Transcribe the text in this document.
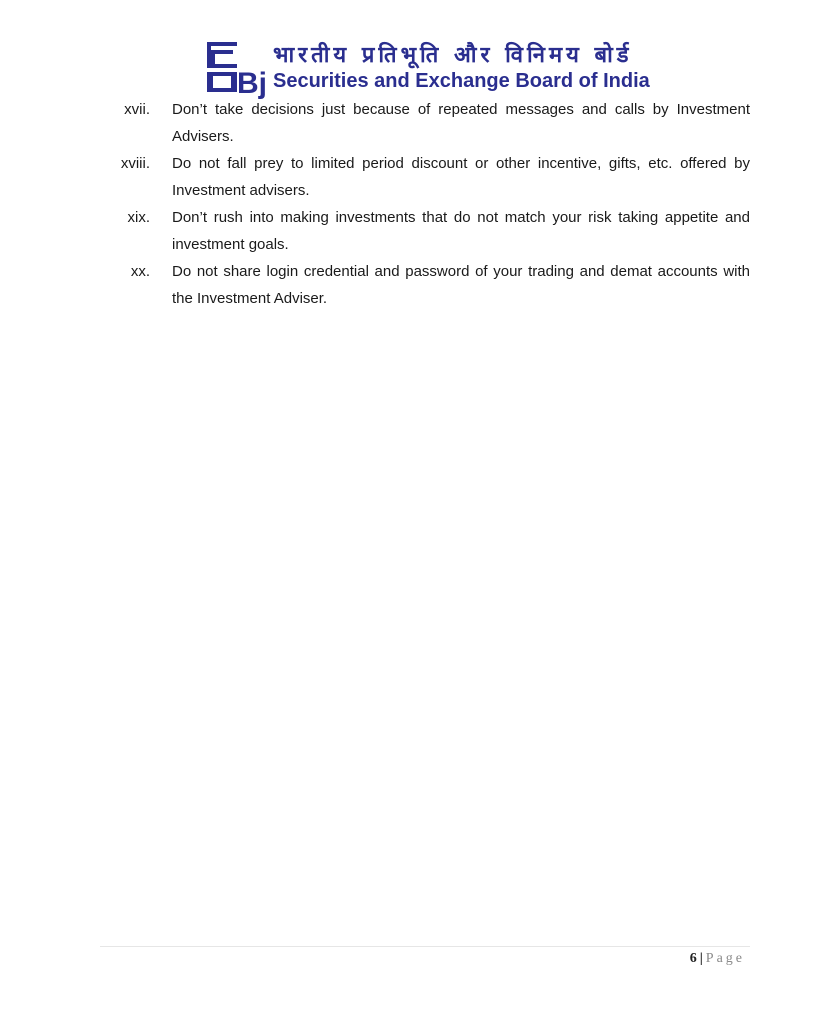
Bj
भारतीय प्रतिभूति और विनिमय बोर्ड
Securities and Exchange Board of India
xvii. Don’t take decisions just because of repeated messages and calls by Investment Advisers.
xviii. Do not fall prey to limited period discount or other incentive, gifts, etc. offered by Investment advisers.
xix. Don’t rush into making investments that do not match your risk taking appetite and investment goals.
xx. Do not share login credential and password of your trading and demat accounts with the Investment Adviser.
6 | Page
